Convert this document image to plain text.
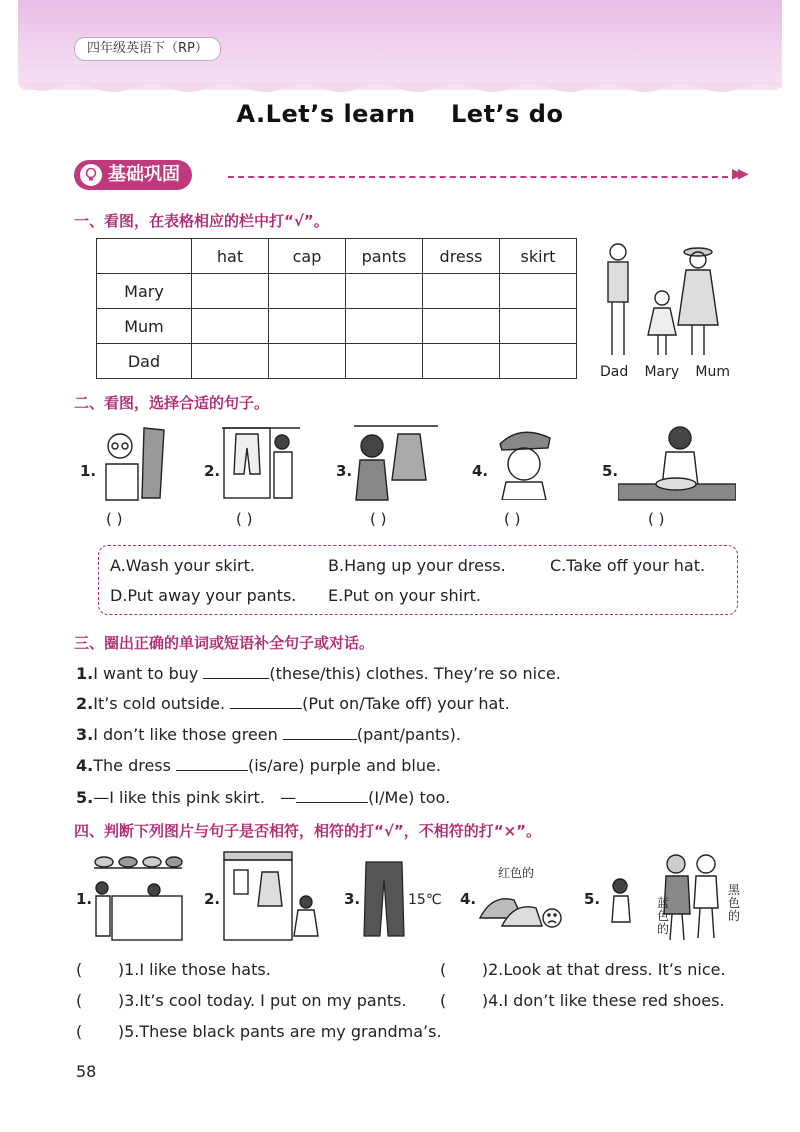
四年级英语下（RP）
A.Let’s learn    Let’s do
基础巩固	▶▶
一、看图，在表格相应的栏中打“√”。
	hat	cap	pants	dress	skirt
Mary					
Mum					
Dad					
Dad Mary Mum
二、看图，选择合适的句子。
1.
( )
2.
( )
3.
( )
4.
( )
5.
( )
A.Wash your skirt.	B.Hang up your dress.	C.Take off your hat.
D.Put away your pants. E.Put on your shirt.
三、圈出正确的单词或短语补全句子或对话。
1.I want to buy	(these/this) clothes. They’re so nice.
2.It’s cold outside.	(Put on/Take off) your hat.
3.I don’t like those green	(pant/pants).
4.The dress	(is/are) purple and blue.
5.—I like this pink skirt.   —	(I/Me) too.
四、判断下列图片与句子是否相符，相符的打“√”，不相符的打“×”。
1.	2.	3.	15℃ 4.
红色的
5.	蓝色的
黑色的
(       )1.I like those hats.	(       )2.Look at that dress. It’s nice.
(       )3.It’s cool today. I put on my pants. (       )4.I don’t like these red shoes.
(       )5.These black pants are my grandma’s.
58
